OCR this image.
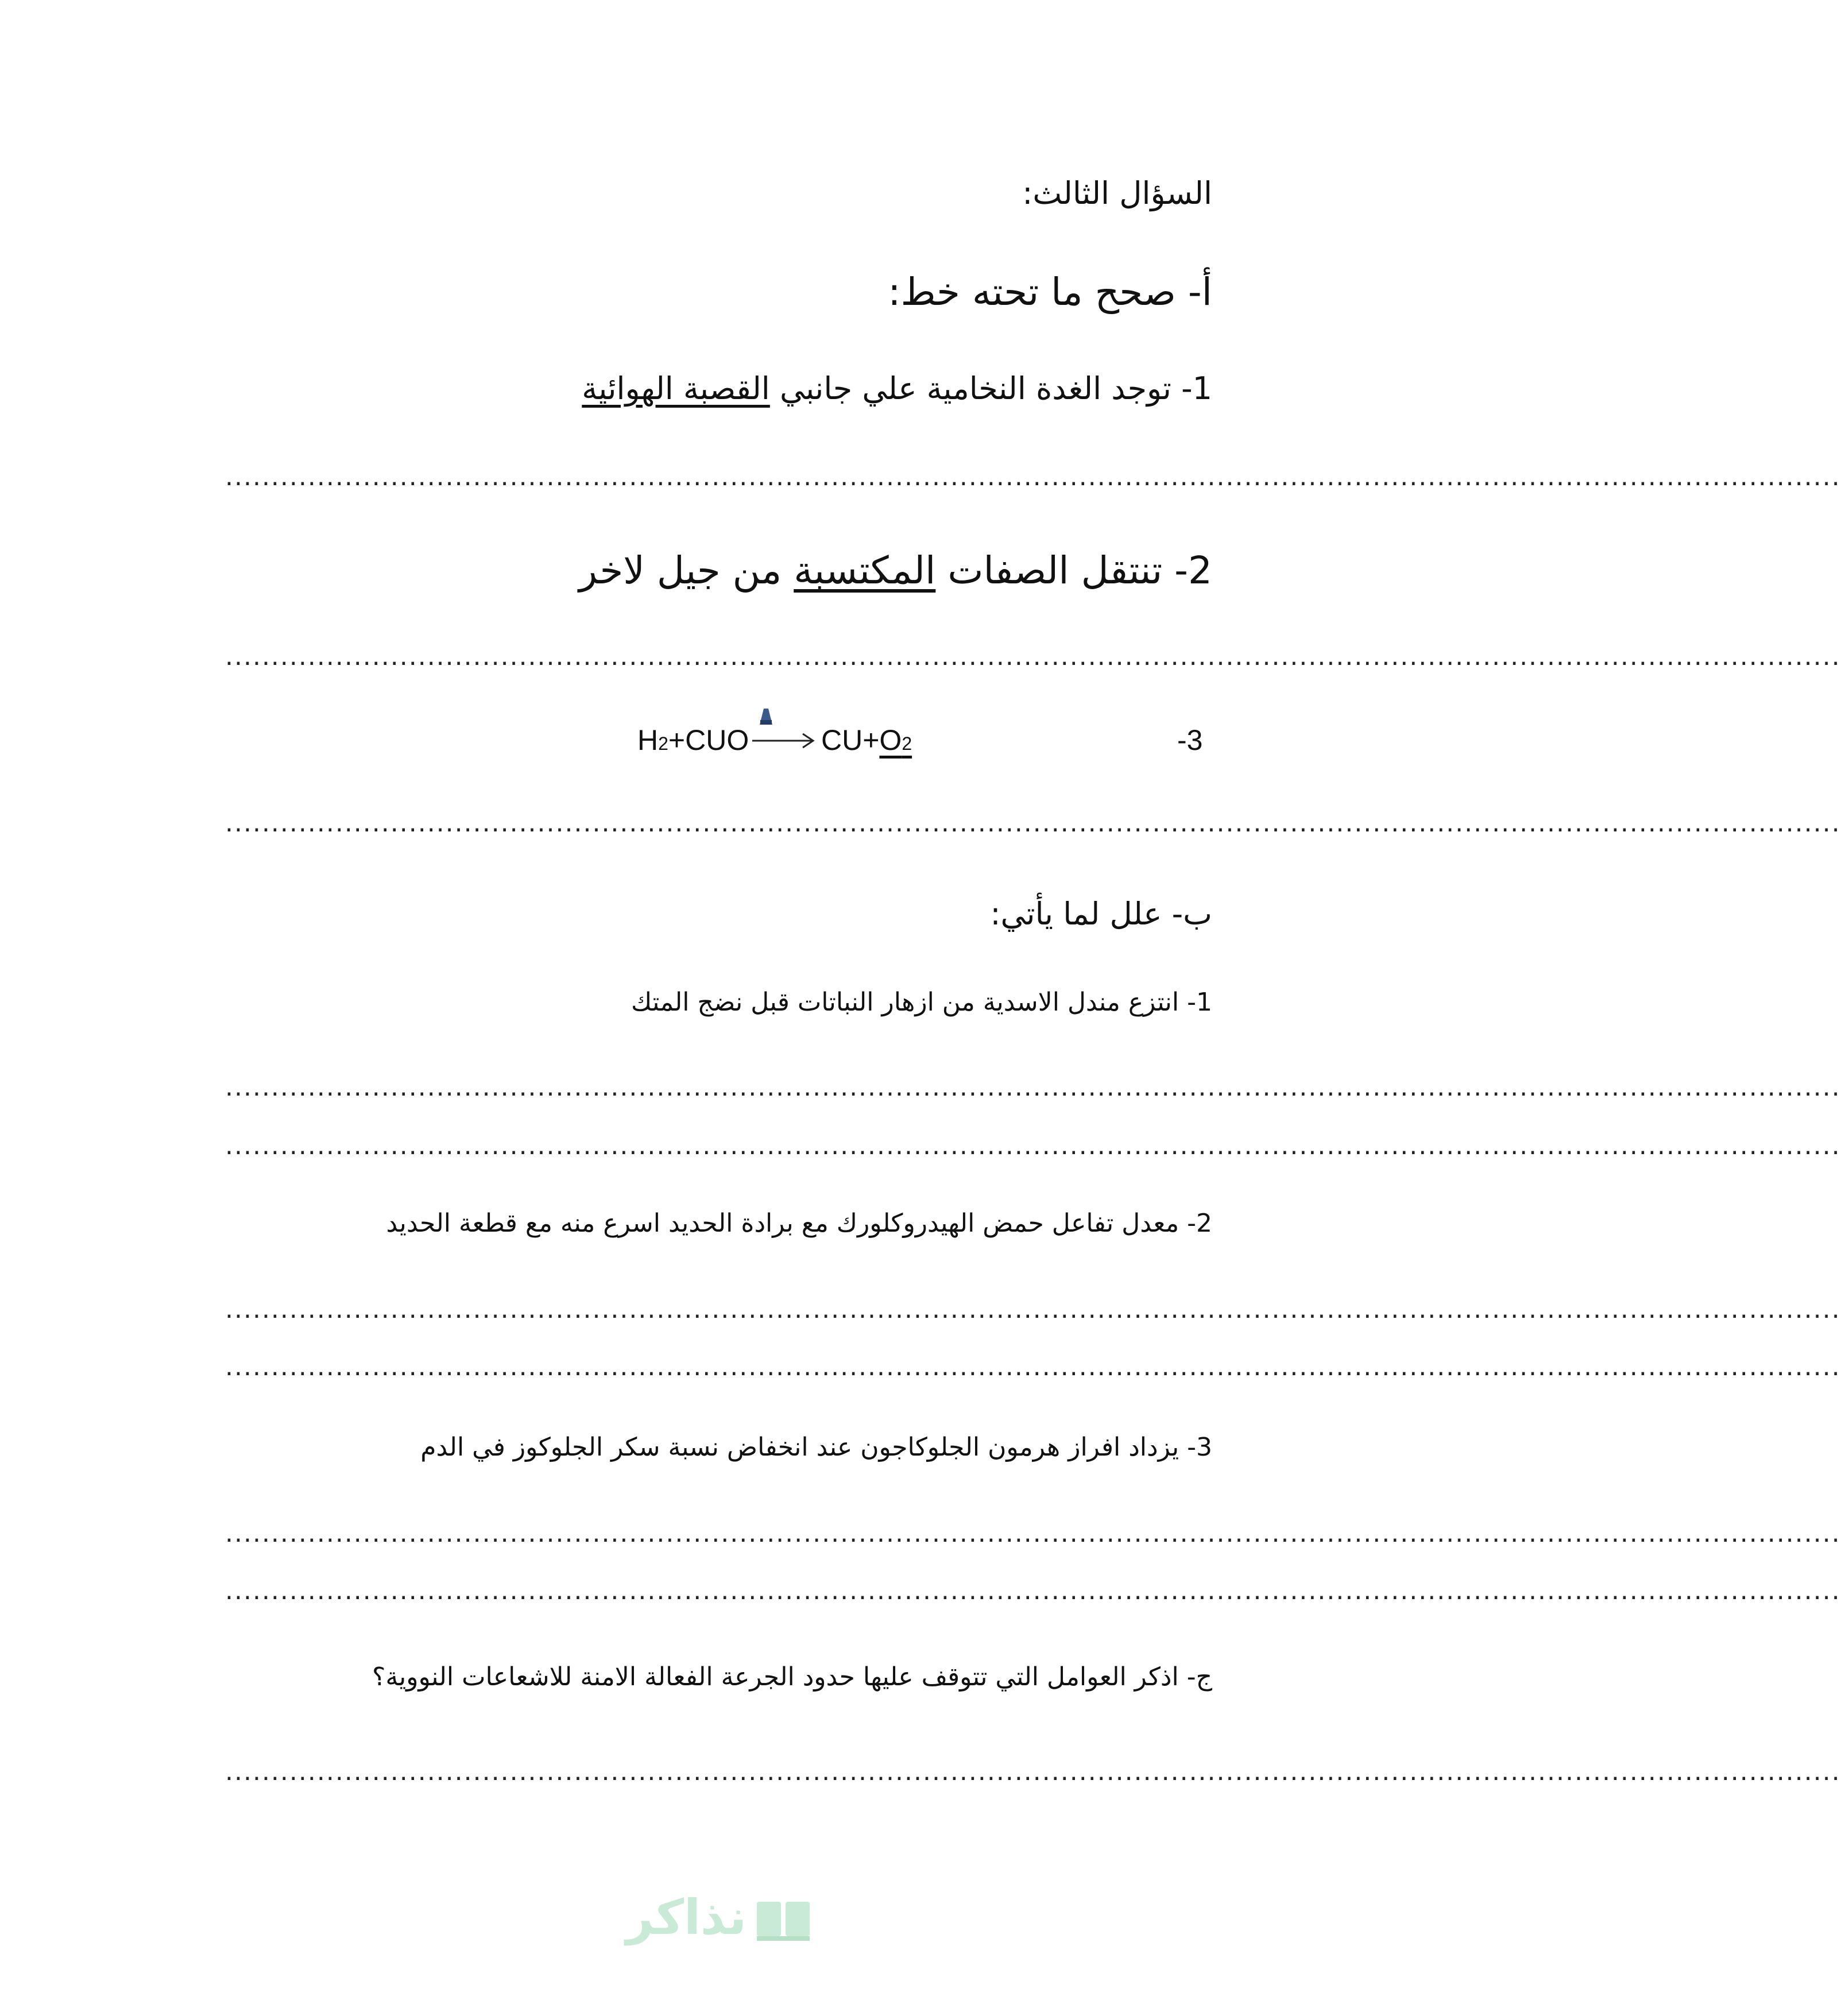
السؤال الثالث:
أ- صحح ما تحته خط:
1- توجد الغدة النخامية علي جانبي القصبة الهوائية
................................................................................................................................................................................
2- تنتقل الصفات المكتسبة من جيل لاخر
................................................................................................................................................................................
-3
H2+CUO	CU+O2
................................................................................................................................................................................
ب- علل لما يأتي:
1- انتزع مندل الاسدية من ازهار النباتات قبل نضج المتك
................................................................................................................................................................................
................................................................................................................................................................................
2- معدل تفاعل حمض الهيدروكلورك مع برادة الحديد اسرع منه مع قطعة الحديد
................................................................................................................................................................................
................................................................................................................................................................................
3- يزداد افراز هرمون الجلوكاجون عند انخفاض نسبة سكر الجلوكوز في الدم
................................................................................................................................................................................
................................................................................................................................................................................
ج- اذكر العوامل التي تتوقف عليها حدود الجرعة الفعالة الامنة للاشعاعات النووية؟
................................................................................................................................................................................
نذاكر
